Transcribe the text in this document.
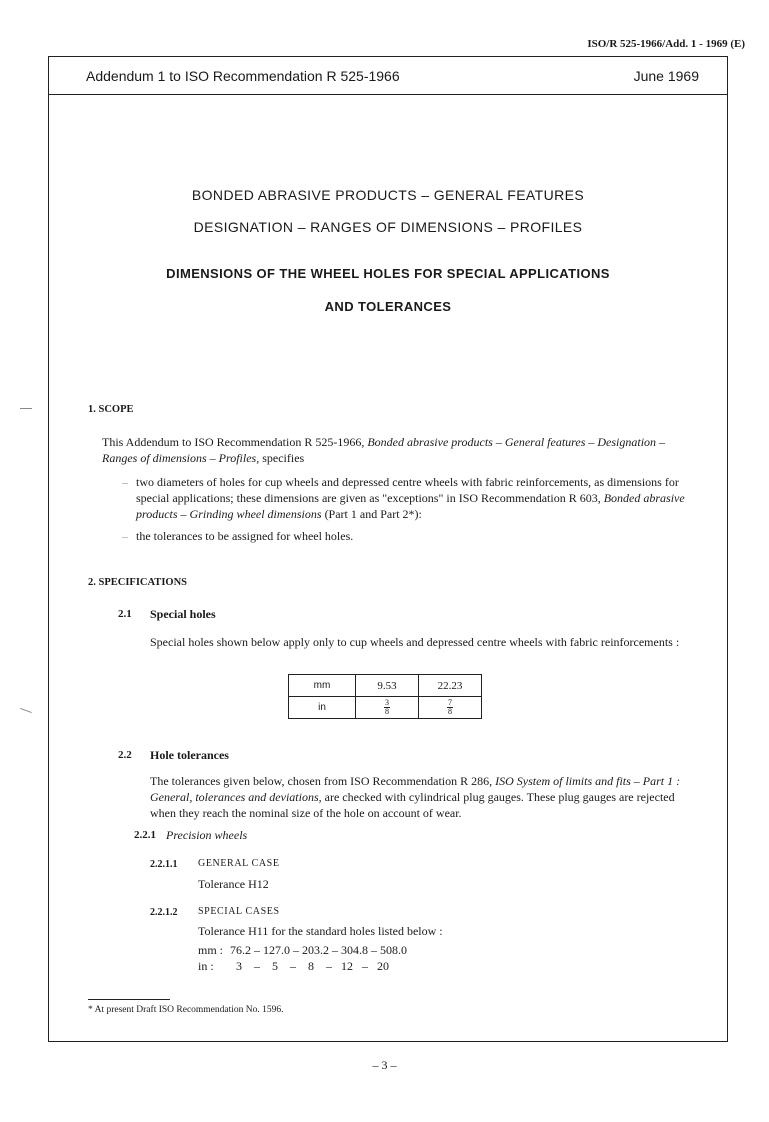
ISO/R 525-1966/Add. 1 - 1969 (E)
Addendum 1 to ISO Recommendation R 525-1966	June 1969
BONDED ABRASIVE PRODUCTS – GENERAL FEATURES
DESIGNATION – RANGES OF DIMENSIONS – PROFILES
DIMENSIONS OF THE WHEEL HOLES FOR SPECIAL APPLICATIONS
AND TOLERANCES
1. SCOPE
This Addendum to ISO Recommendation R 525-1966, Bonded abrasive products – General features – Designation – Ranges of dimensions – Profiles, specifies
– two diameters of holes for cup wheels and depressed centre wheels with fabric reinforcements, as dimensions for special applications; these dimensions are given as "exceptions" in ISO Recommendation R 603, Bonded abrasive products – Grinding wheel dimensions (Part 1 and Part 2*):
– the tolerances to be assigned for wheel holes.
2. SPECIFICATIONS
2.1 Special holes
Special holes shown below apply only to cup wheels and depressed centre wheels with fabric reinforcements :
mm	9.53	22.23
in	$\frac{3}{8}$	$\frac{7}{8}$
2.2 Hole tolerances
The tolerances given below, chosen from ISO Recommendation R 286, ISO System of limits and fits – Part 1 : General, tolerances and deviations, are checked with cylindrical plug gauges. These plug gauges are rejected when they reach the nominal size of the hole on account of wear.
2.2.1 Precision wheels
2.2.1.1 GENERAL CASE
Tolerance H12
2.2.1.2 SPECIAL CASES
Tolerance H11 for the standard holes listed below :
mm : 76.2 – 127.0 – 203.2 – 304.8 – 508.0
in : 3    –    5    –    8    –   12   –   20
* At present Draft ISO Recommendation No. 1596.
– 3 –
